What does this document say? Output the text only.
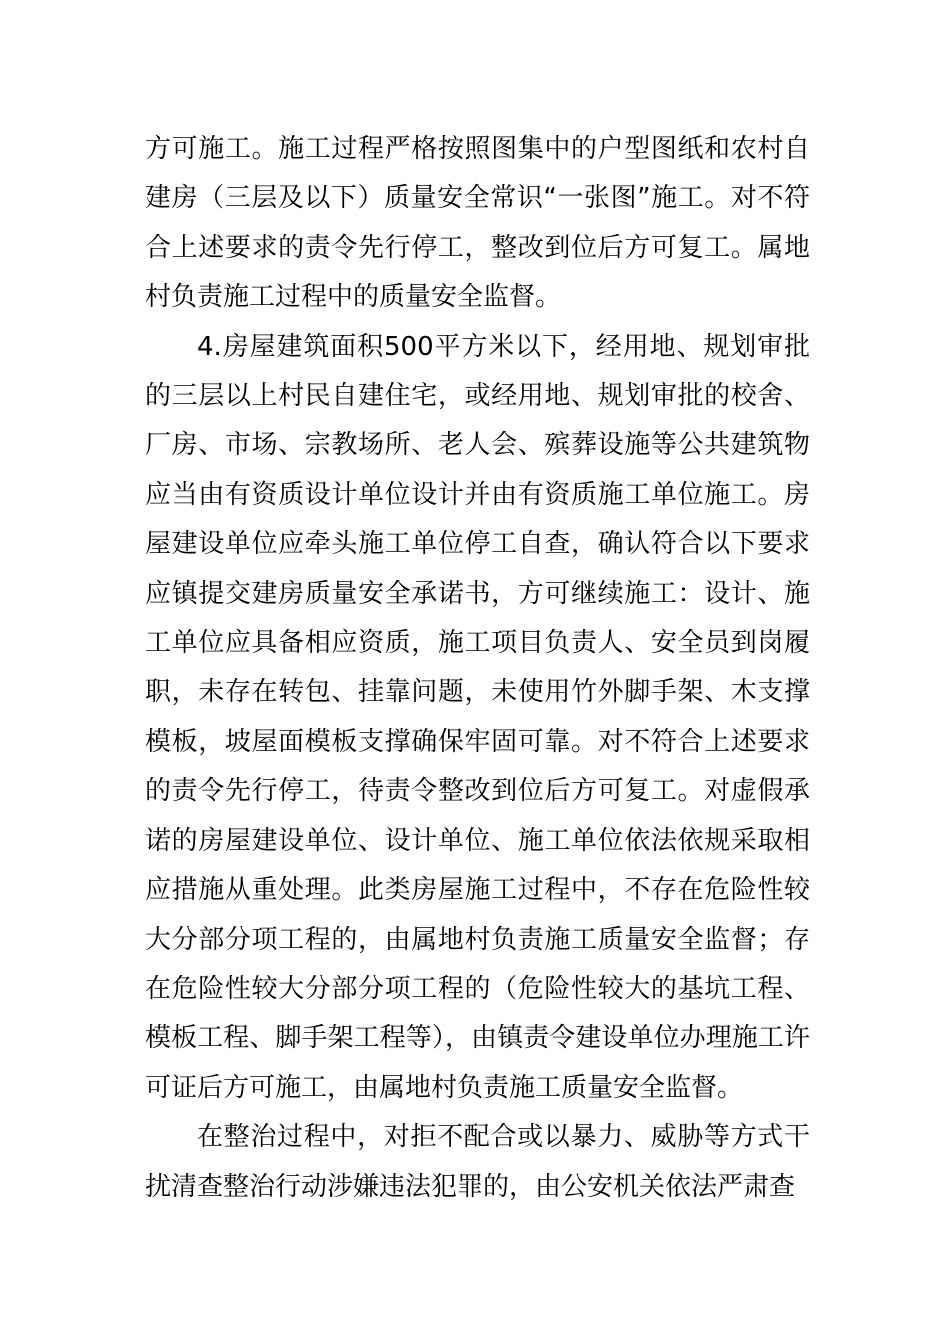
方可施工。施工过程严格按照图集中的户型图纸和农村自建房（三层及以下）质量安全常识“一张图”施工。对不符合上述要求的责令先行停工，整改到位后方可复工。属地村负责施工过程中的质量安全监督。

4.房屋建筑面积500平方米以下，经用地、规划审批的三层以上村民自建住宅，或经用地、规划审批的校舍、厂房、市场、宗教场所、老人会、殡葬设施等公共建筑物应当由有资质设计单位设计并由有资质施工单位施工。房屋建设单位应牵头施工单位停工自查，确认符合以下要求应镇提交建房质量安全承诺书，方可继续施工：设计、施工单位应具备相应资质，施工项目负责人、安全员到岗履职，未存在转包、挂靠问题，未使用竹外脚手架、木支撑模板，坡屋面模板支撑确保牢固可靠。对不符合上述要求的责令先行停工，待责令整改到位后方可复工。对虚假承诺的房屋建设单位、设计单位、施工单位依法依规采取相应措施从重处理。此类房屋施工过程中，不存在危险性较大分部分项工程的，由属地村负责施工质量安全监督；存在危险性较大分部分项工程的（危险性较大的基坑工程、模板工程、脚手架工程等），由镇责令建设单位办理施工许可证后方可施工，由属地村负责施工质量安全监督。

在整治过程中，对拒不配合或以暴力、威胁等方式干扰清查整治行动涉嫌违法犯罪的，由公安机关依法严肃查
